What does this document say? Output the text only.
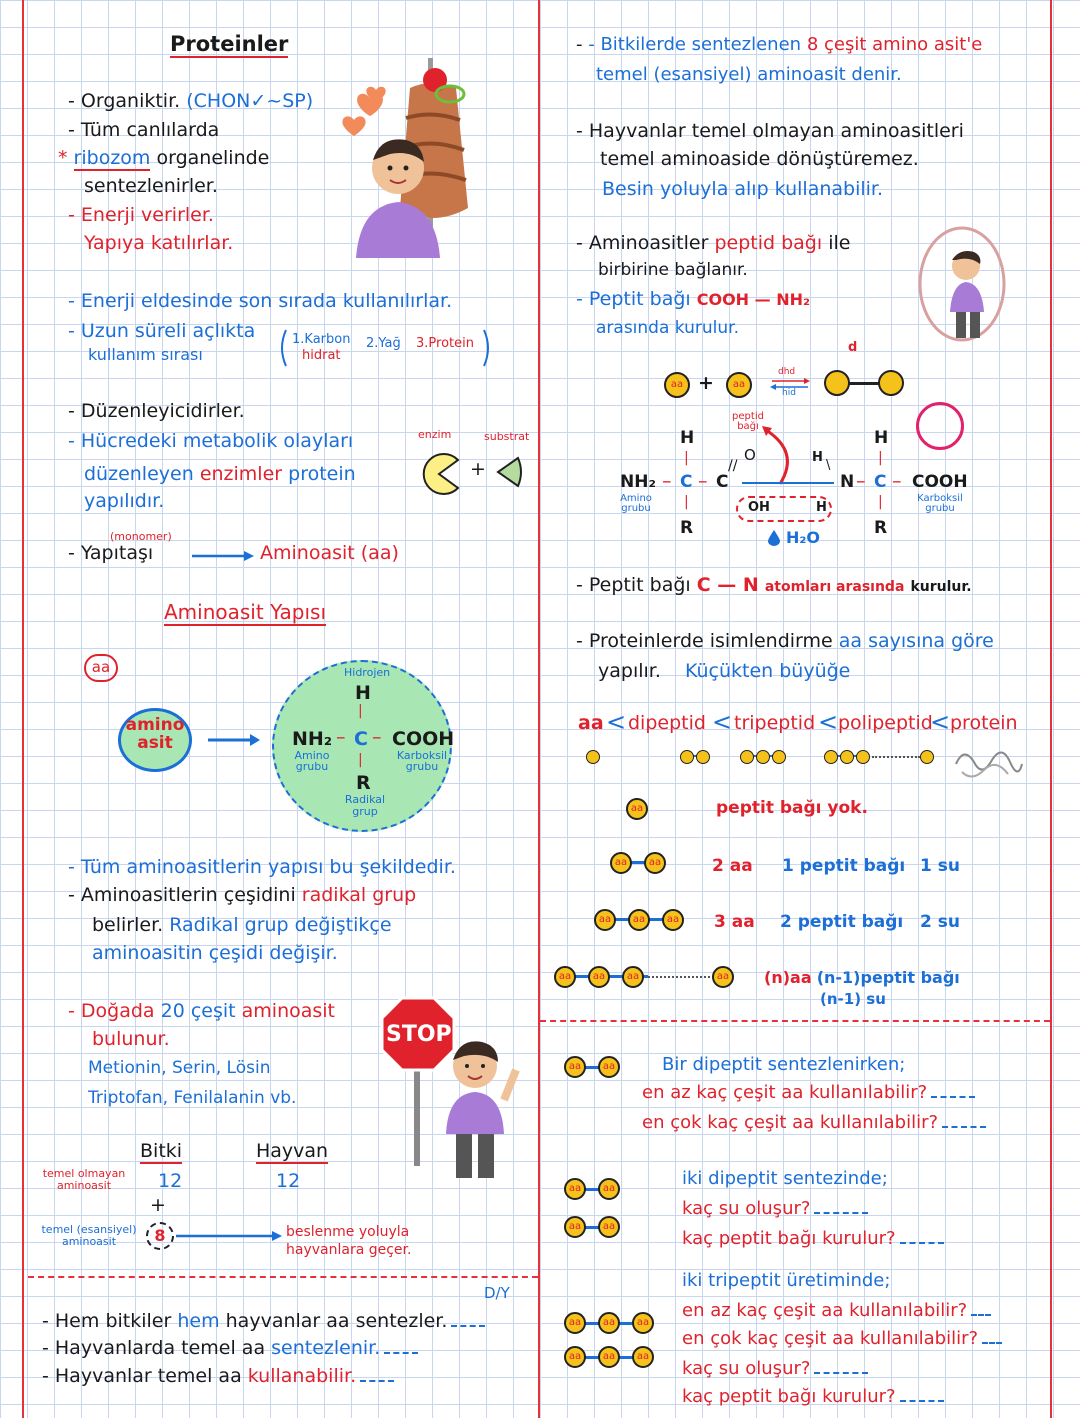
Proteinler
- Organiktir. (CHON✓~SP)
- Tüm canlılarda
* ribozom organelinde
sentezlenirler.
- Enerji verirler.
Yapıya katılırlar.
- Enerji eldesinde son sırada kullanılırlar.
- Uzun süreli açlıkta
kullanım sırası
1.Karbon
hidrat
2.Yağ 3.Protein
- Düzenleyicidirler.
- Hücredeki metabolik olayları
düzenleyen enzimler protein
yapılıdır.
enzim	substrat
+
(monomer)
- Yapıtaşı	Aminoasit (aa)
Aminoasit Yapısı
aa
amino
asit
Hidrojen
H
|
NH₂ – C – COOH
Amino grubu
Karboksil grubu
|
R
Radikal grup
- Tüm aminoasitlerin yapısı bu şekildedir.
- Aminoasitlerin çeşidini radikal grup
belirler. Radikal grup değiştikçe
aminoasitin çeşidi değişir.
- Doğada 20 çeşit aminoasit
bulunur.
Metionin, Serin, Lösin
Triptofan, Fenilalanin vb.
STOP
Bitki	Hayvan
temel olmayan aminoasit	12	12
+
temel (esansiyel) aminoasit	8	beslenme yoluyla
hayvanlara geçer.
D/Y
- Hem bitkiler hem hayvanlar aa sentezler.
- Hayvanlarda temel aa sentezlenir.
- Hayvanlar temel aa kullanabilir.
- - Bitkilerde sentezlenen 8 çeşit amino asit'e
temel (esansiyel) aminoasit denir.
- Hayvanlar temel olmayan aminoasitleri
temel aminoaside dönüştüremez.
Besin yoluyla alıp kullanabilir.
- Aminoasitler peptid bağı ile
birbirine bağlanır.
- Peptit bağı COOH — NH₂
arasında kurulur.
aa +	aa
dhd
hid
d
peptid bağı
H
|
NH₂ – C – C
O
//
Amino grubu	|
R
OH	H
H
\
N – C – COOH
H
|
|
R
Karboksil grubu
H₂O
- Peptit bağı C — N atomları arasında kurulur.
- Proteinlerde isimlendirme aa sayısına göre
yapılır. Küçükten büyüğe
aa < dipeptid < tripeptid < polipeptid
< protein
aa	peptit bağı yok.
aa	aa	2 aa 1 peptit bağı 1 su
aa	aa	aa 3 aa 2 peptit bağı 2 su
aa	aa	aa	aa	(n)aa (n-1)peptit bağı
(n-1) su
aa	aa	Bir dipeptit sentezlenirken;
en az kaç çeşit aa kullanılabilir?
en çok kaç çeşit aa kullanılabilir?
aa	aa
aa	aa
iki dipeptit sentezinde;
kaç su oluşur?
kaç peptit bağı kurulur?
aa	aa	aa
aa	aa	aa
iki tripeptit üretiminde;
en az kaç çeşit aa kullanılabilir?
en çok kaç çeşit aa kullanılabilir?
kaç su oluşur?
kaç peptit bağı kurulur?
